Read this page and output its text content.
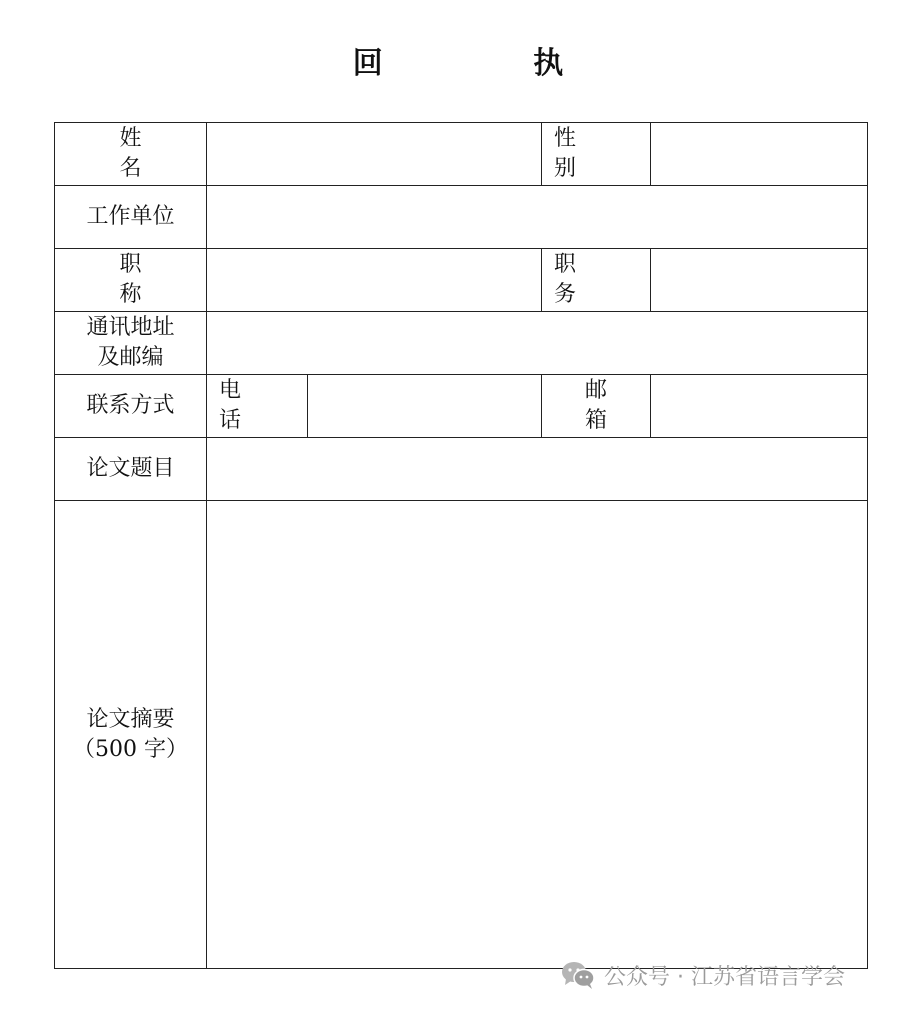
回 执
姓 名			性 别	
工作单位				
职 称			职 务	

通讯地址
及邮编				

联系方式	电 话		邮 箱	
论文题目				

论文摘要
（500 字）				

公众号 · 江苏省语言学会
